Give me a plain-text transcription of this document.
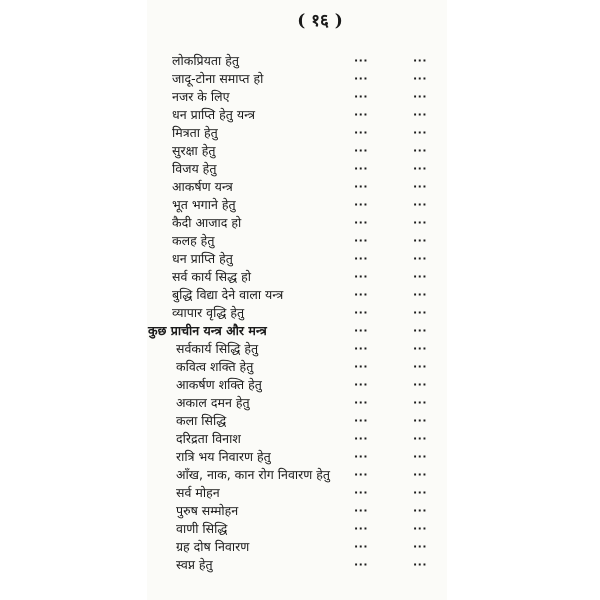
( १६ )
लोकप्रियता हेतु	···	···
जादू-टोना समाप्त हो	···	···
नजर के लिए	···	···
धन प्राप्ति हेतु यन्त्र	···	···
मित्रता हेतु	···	···
सुरक्षा हेतु	···	···
विजय हेतु	···	···
आकर्षण यन्त्र	···	···
भूत भगाने हेतु	···	···
कैदी आजाद हो	···	···
कलह हेतु	···	···
धन प्राप्ति हेतु	···	···
सर्व कार्य सिद्ध हो	···	···
बुद्धि विद्या देने वाला यन्त्र	···	···
व्यापार वृद्धि हेतु	···	···
कुछ प्राचीन यन्त्र और मन्त्र	···	···
सर्वकार्य सिद्धि हेतु	···	···
कवित्व शक्ति हेतु	···	···
आकर्षण शक्ति हेतु	···	···
अकाल दमन हेतु	···	···
कला सिद्धि	···	···
दरिद्रता विनाश	···	···
रात्रि भय निवारण हेतु	···	···
आँख, नाक, कान रोग निवारण हेतु ···	···
सर्व मोहन	···	···
पुरुष सम्मोहन	···	···
वाणी सिद्धि	···	···
ग्रह दोष निवारण	···	···
स्वप्न हेतु	···	···
